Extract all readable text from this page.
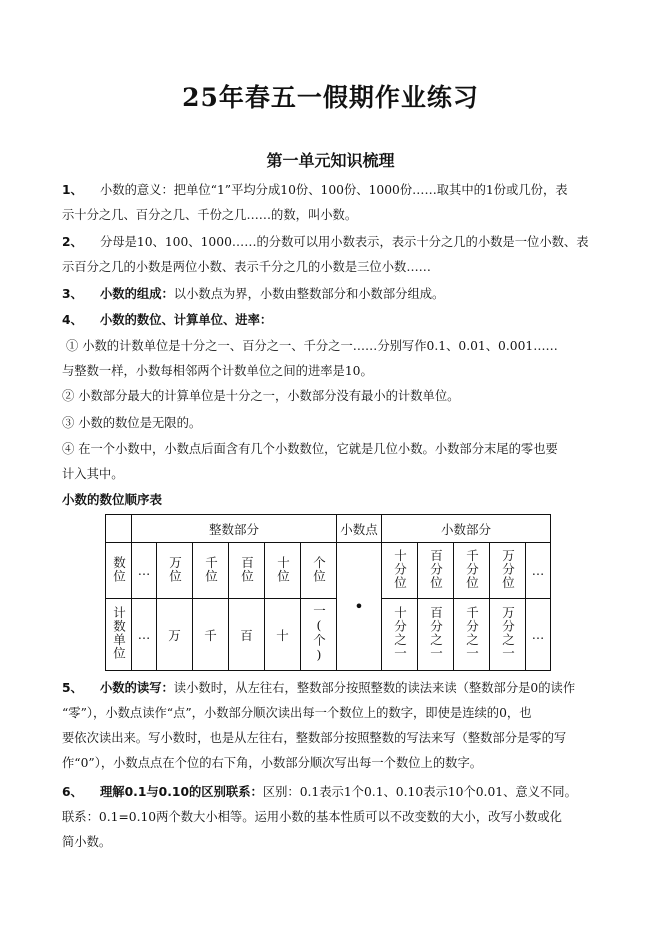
25年春五一假期作业练习
第一单元知识梳理
1、 小数的意义：把单位“1”平均分成10份、100份、1000份……取其中的1份或几份，表
示十分之几、百分之几、千份之几……的数，叫小数。
2、 分母是10、100、1000……的分数可以用小数表示，表示十分之几的小数是一位小数、表
示百分之几的小数是两位小数、表示千分之几的小数是三位小数……
3、 小数的组成：以小数点为界，小数由整数部分和小数部分组成。
4、 小数的数位、计算单位、进率：
① 小数的计数单位是十分之一、百分之一、千分之一……分别写作0.1、0.01、0.001……
与整数一样，小数每相邻两个计数单位之间的进率是10。
② 小数部分最大的计算单位是十分之一，小数部分没有最小的计数单位。
③ 小数的数位是无限的。
④ 在一个小数中，小数点后面含有几个小数数位，它就是几位小数。小数部分末尾的零也要
计入其中。
小数的数位顺序表
	整数部分						小数点	小数部分				
数位	…	万位	千位	百位	十位	个位	•	十分位	百分位	千分位	万分位	…
计数单位	…	万	千	百	十	一(个)		十分之一	百分之一	千分之一	万分之一	…
5、 小数的读写：读小数时，从左往右，整数部分按照整数的读法来读（整数部分是0的读作
“零”），小数点读作“点”，小数部分顺次读出每一个数位上的数字，即使是连续的0，也
要依次读出来。写小数时，也是从左往右，整数部分按照整数的写法来写（整数部分是零的写
作“0”），小数点点在个位的右下角，小数部分顺次写出每一个数位上的数字。
6、 理解0.1与0.10的区别联系：区别：0.1表示1个0.1、0.10表示10个0.01、意义不同。
联系：0.1=0.10两个数大小相等。运用小数的基本性质可以不改变数的大小，改写小数或化
简小数。
